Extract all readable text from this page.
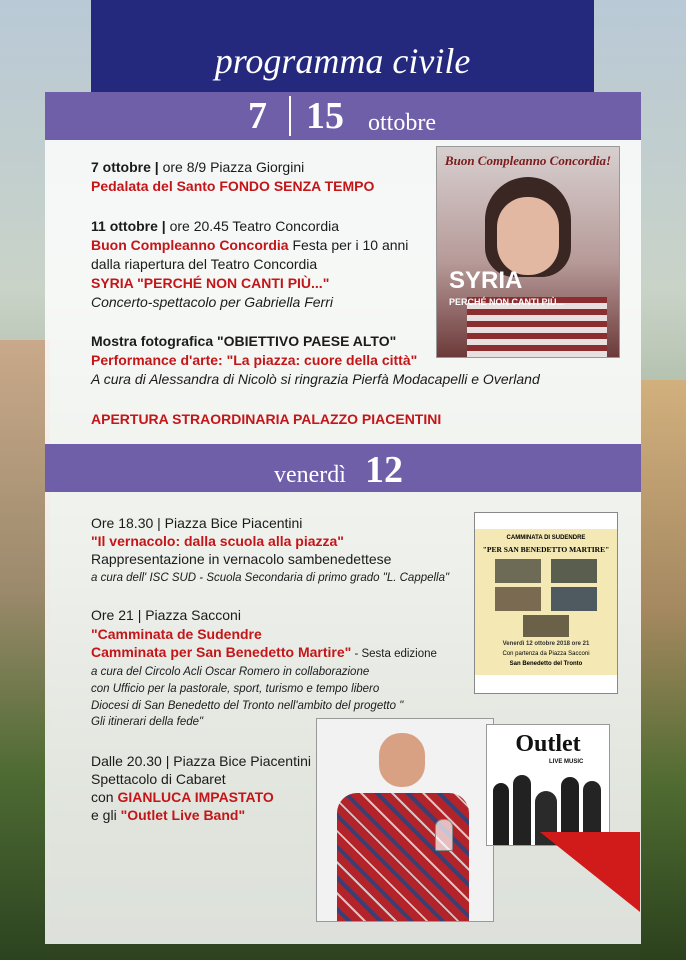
programma civile
7 15 ottobre
7 ottobre | ore 8/9 Piazza Giorgini
Pedalata del Santo FONDO SENZA TEMPO
11 ottobre | ore 20.45 Teatro Concordia
Buon Compleanno Concordia Festa per i 10 anni
dalla riapertura del Teatro Concordia
SYRIA "PERCHÉ NON CANTI PIÙ..."
Concerto-spettacolo per Gabriella Ferri
Mostra fotografica "OBIETTIVO PAESE ALTO"
Performance d'arte: "La piazza: cuore della città"
A cura di Alessandra di Nicolò si ringrazia Pierfà Modacapelli e Overland
APERTURA STRAORDINARIA PALAZZO PIACENTINI
Buon Compleanno Concordia!
SYRIA
PERCHÉ NON CANTI PIÙ...
venerdì 12
Ore 18.30 | Piazza Bice Piacentini
"Il vernacolo: dalla scuola alla piazza"
Rappresentazione in vernacolo sambenedettese
a cura dell' ISC SUD - Scuola Secondaria di primo grado "L. Cappella"
Ore 21 | Piazza Sacconi
"Camminata de Sudendre
Camminata per San Benedetto Martire" - Sesta edizione
a cura del Circolo Acli Oscar Romero in collaborazione
con Ufficio per la pastorale, sport, turismo e tempo libero
Diocesi di San Benedetto del Tronto nell'ambito del progetto "
Gli itinerari della fede"
Dalle 20.30 | Piazza Bice Piacentini
Spettacolo di Cabaret
con GIANLUCA IMPASTATO
e gli "Outlet Live Band"
CAMMINATA DI SUDENDRE
"PER SAN BENEDETTO MARTIRE"
Venerdì 12 ottobre 2018 ore 21
Con partenza da Piazza Sacconi
San Benedetto del Tronto
Outlet
LIVE MUSIC
